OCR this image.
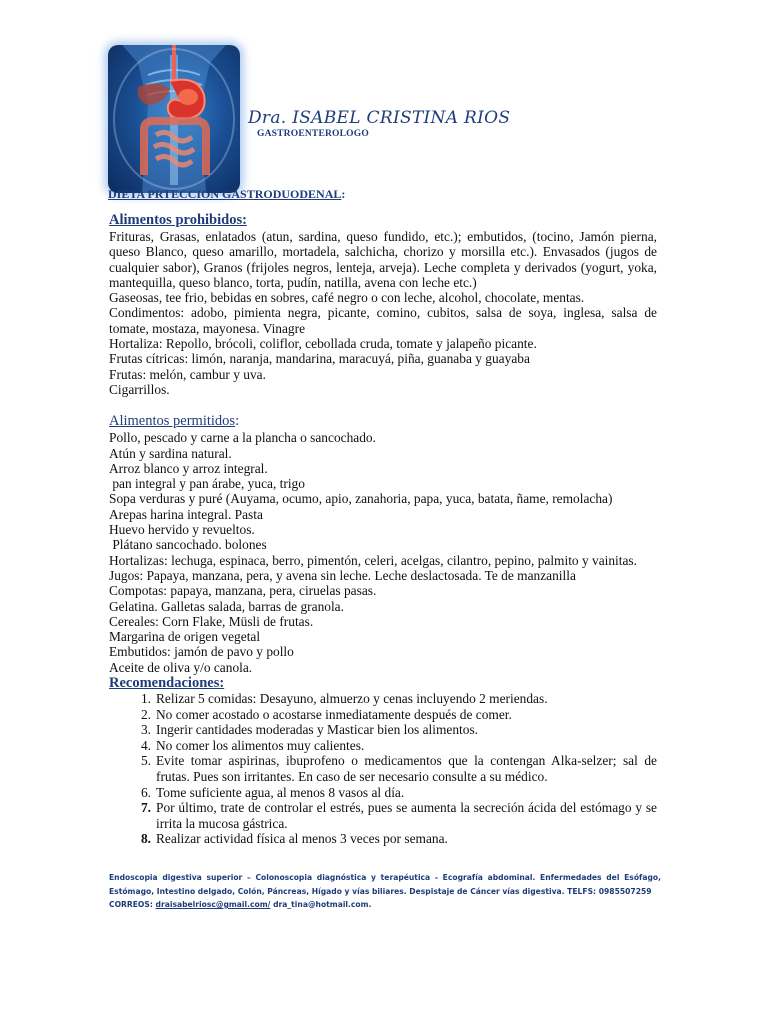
Dra. ISABEL CRISTINA RIOS
GASTROENTEROLOGO
DIETA PRTECCION GASTRODUODENAL:

Alimentos prohibidos:

Frituras, Grasas, enlatados (atun, sardina, queso fundido, etc.); embutidos, (tocino, Jamón pierna, queso Blanco, queso amarillo, mortadela, salchicha, chorizo y morsilla etc.). Envasados (jugos de cualquier sabor), Granos (frijoles negros, lenteja, arveja). Leche completa y derivados (yogurt, yoka, mantequilla, queso blanco, torta, pudín, natilla, avena con leche etc.)

Gaseosas, tee frio, bebidas en sobres, café negro o con leche, alcohol, chocolate, mentas.

Condimentos: adobo, pimienta negra, picante, comino, cubitos, salsa de soya, inglesa, salsa de tomate, mostaza, mayonesa. Vinagre

Hortaliza: Repollo, brócoli, coliflor, cebollada cruda, tomate y jalapeño picante.

Frutas cítricas: limón, naranja, mandarina, maracuyá, piña, guanaba y guayaba

Frutas: melón, cambur y uva.

Cigarrillos.

Alimentos permitidos:

Pollo, pescado y carne a la plancha o sancochado.

Atún y sardina natural.

Arroz blanco y arroz integral.

pan integral y pan árabe, yuca, trigo

Sopa verduras y puré (Auyama, ocumo, apio, zanahoria, papa, yuca, batata, ñame, remolacha)

Arepas harina integral. Pasta

Huevo hervido y revueltos.

Plátano sancochado. bolones

Hortalizas: lechuga, espinaca, berro, pimentón, celeri, acelgas, cilantro, pepino, palmito y vainitas.

Jugos: Papaya, manzana, pera, y avena sin leche. Leche deslactosada. Te de manzanilla

Compotas: papaya, manzana, pera, ciruelas pasas.

Gelatina. Galletas salada, barras de granola.

Cereales: Corn Flake, Müsli de frutas.

Margarina de origen vegetal

Embutidos: jamón de pavo y pollo

Aceite de oliva y/o canola.

Recomendaciones:

1. Relizar 5 comidas: Desayuno, almuerzo y cenas incluyendo 2 meriendas.
2. No comer acostado o acostarse inmediatamente después de comer.
3. Ingerir cantidades moderadas y Masticar bien los alimentos.
4. No comer los alimentos muy calientes.
5. Evite tomar aspirinas, ibuprofeno o medicamentos que la contengan Alka-selzer; sal de frutas. Pues son irritantes. En caso de ser necesario consulte a su médico.
6. Tome suficiente agua, al menos 8 vasos al día.
7. Por último, trate de controlar el estrés, pues se aumenta la secreción ácida del estómago y se irrita la mucosa gástrica.
8. Realizar actividad física al menos 3 veces por semana.
Endoscopia digestiva superior – Colonoscopia diagnóstica y terapéutica - Ecografía abdominal. Enfermedades del Esófago, Estómago, Intestino delgado, Colón, Páncreas, Hígado y vías biliares. Despistaje de Cáncer vías digestiva. TELFS: 0985507259
CORREOS: draisabelriosc@gmail.com/ dra_tina@hotmail.com.
